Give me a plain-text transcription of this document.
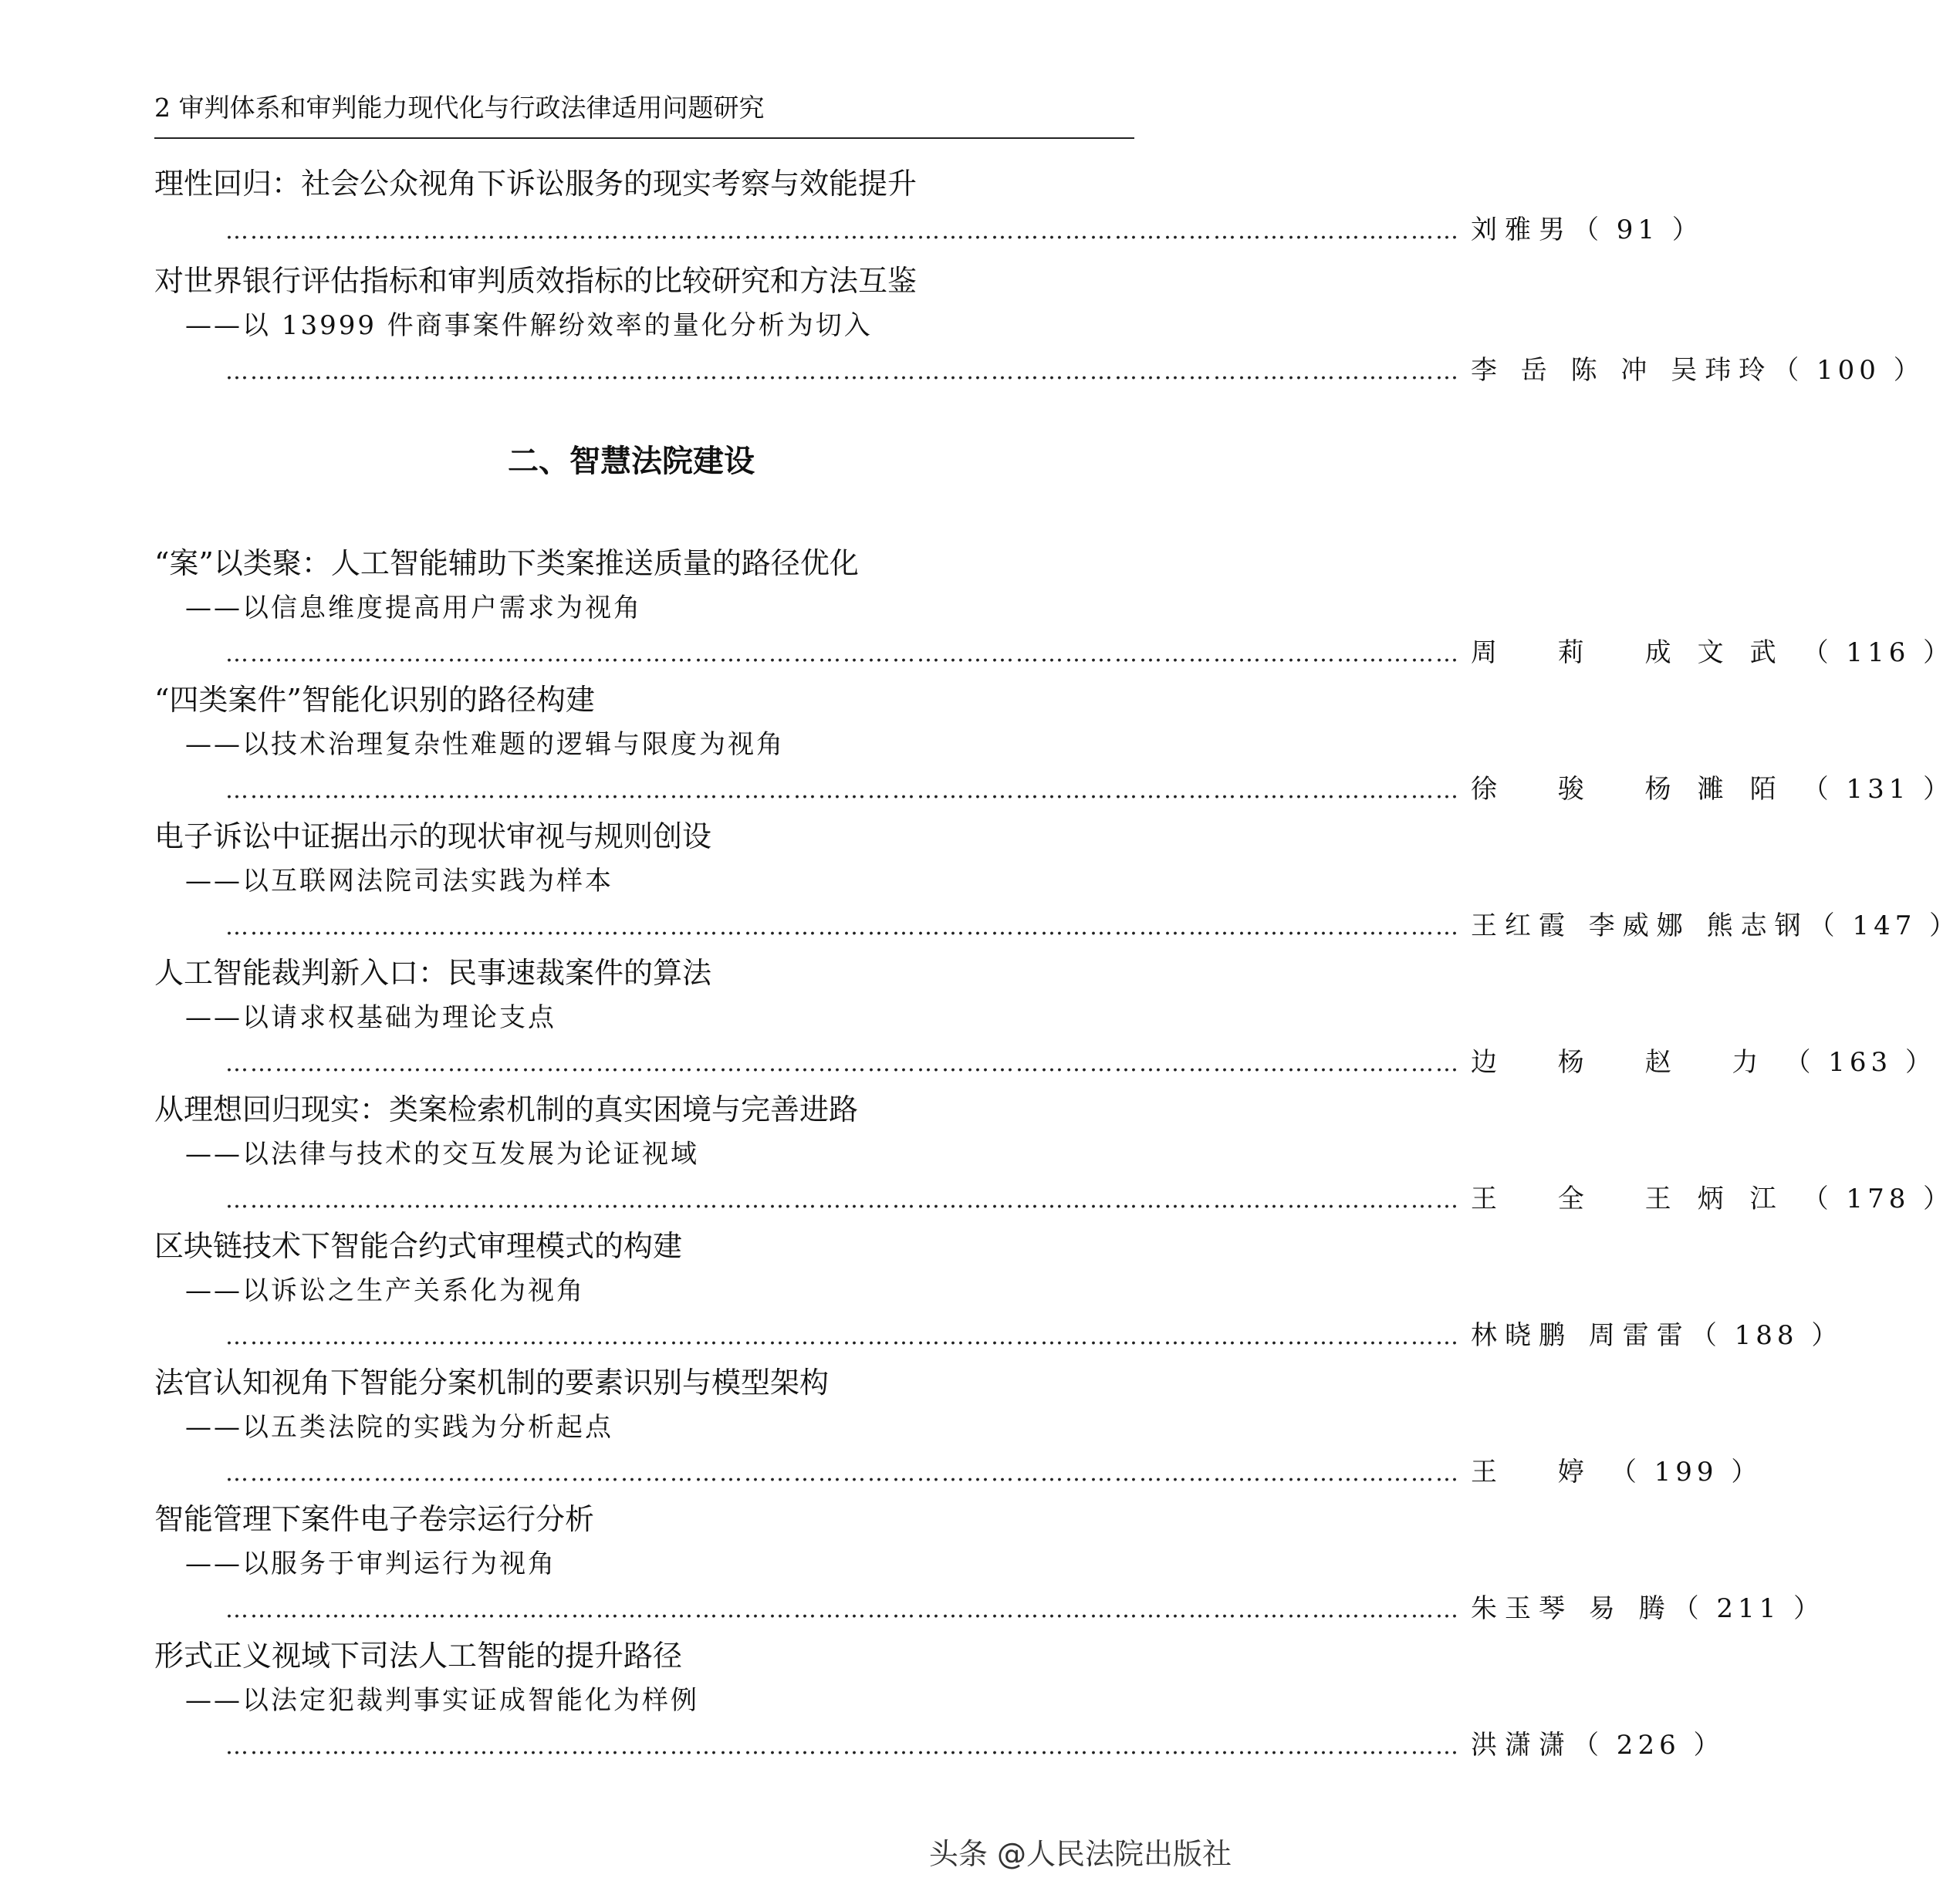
2 审判体系和审判能力现代化与行政法律适用问题研究
理性回归：社会公众视角下诉讼服务的现实考察与效能提升
…………………………………………………………………………………………………………………………………… 刘雅男 （ 91 ）
对世界银行评估指标和审判质效指标的比较研究和方法互鉴
——以 13999 件商事案件解纷效率的量化分析为切入
…………………………………………………………………………………………………………………………………… 李 岳 陈 冲 吴玮玲 （ 100 ）
二、智慧法院建设
“案”以类聚：人工智能辅助下类案推送质量的路径优化
——以信息维度提高用户需求为视角
…………………………………………………………………………………………………………………………………… 周 莉 成文武 （ 116 ）
“四类案件”智能化识别的路径构建
——以技术治理复杂性难题的逻辑与限度为视角
…………………………………………………………………………………………………………………………………… 徐 骏 杨濉陌 （ 131 ）
电子诉讼中证据出示的现状审视与规则创设
——以互联网法院司法实践为样本
…………………………………………………………………………………………………………………………………… 王红霞 李威娜 熊志钢 （ 147 ）
人工智能裁判新入口：民事速裁案件的算法
——以请求权基础为理论支点
…………………………………………………………………………………………………………………………………… 边 杨 赵 力 （ 163 ）
从理想回归现实：类案检索机制的真实困境与完善进路
——以法律与技术的交互发展为论证视域
…………………………………………………………………………………………………………………………………… 王 全 王炳江 （ 178 ）
区块链技术下智能合约式审理模式的构建
——以诉讼之生产关系化为视角
…………………………………………………………………………………………………………………………………… 林晓鹏 周雷雷 （ 188 ）
法官认知视角下智能分案机制的要素识别与模型架构
——以五类法院的实践为分析起点
…………………………………………………………………………………………………………………………………… 王 婷 （ 199 ）
智能管理下案件电子卷宗运行分析
——以服务于审判运行为视角
…………………………………………………………………………………………………………………………………… 朱玉琴 易 腾 （ 211 ）
形式正义视域下司法人工智能的提升路径
——以法定犯裁判事实证成智能化为样例
…………………………………………………………………………………………………………………………………… 洪潇潇 （ 226 ）
头条 @人民法院出版社
